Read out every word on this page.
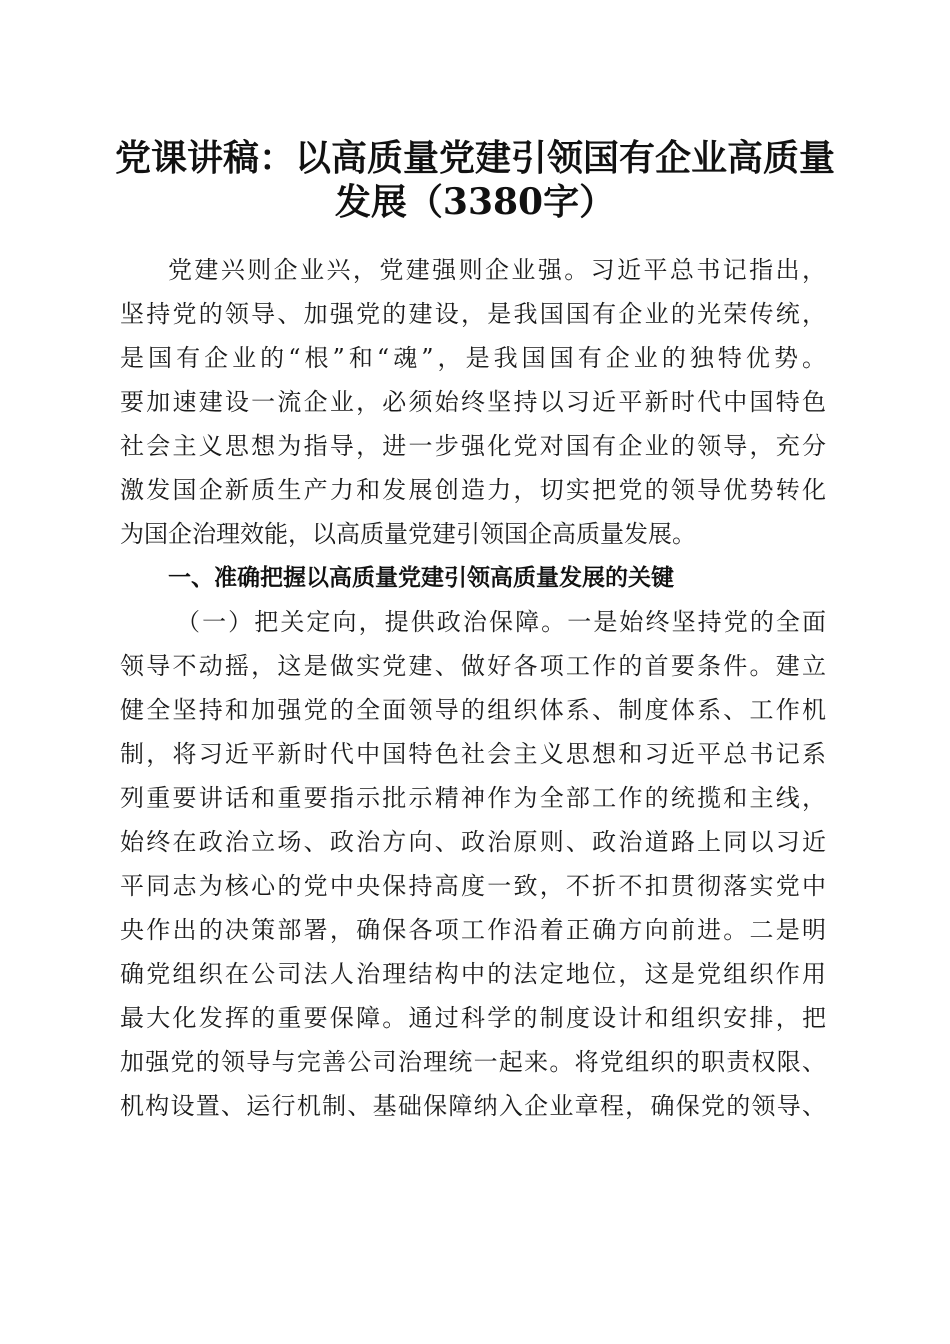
党课讲稿：以高质量党建引领国有企业高质量
发展（3380字）

党建兴则企业兴，党建强则企业强。习近平总书记指出，

坚持党的领导、加强党的建设，是我国国有企业的光荣传统，

是国有企业的“根”和“魂”，是我国国有企业的独特优势。

要加速建设一流企业，必须始终坚持以习近平新时代中国特色

社会主义思想为指导，进一步强化党对国有企业的领导，充分

激发国企新质生产力和发展创造力，切实把党的领导优势转化

为国企治理效能，以高质量党建引领国企高质量发展。

一、准确把握以高质量党建引领高质量发展的关键

（一）把关定向，提供政治保障。一是始终坚持党的全面

领导不动摇，这是做实党建、做好各项工作的首要条件。建立

健全坚持和加强党的全面领导的组织体系、制度体系、工作机

制，将习近平新时代中国特色社会主义思想和习近平总书记系

列重要讲话和重要指示批示精神作为全部工作的统揽和主线，

始终在政治立场、政治方向、政治原则、政治道路上同以习近

平同志为核心的党中央保持高度一致，不折不扣贯彻落实党中

央作出的决策部署，确保各项工作沿着正确方向前进。二是明

确党组织在公司法人治理结构中的法定地位，这是党组织作用

最大化发挥的重要保障。通过科学的制度设计和组织安排，把

加强党的领导与完善公司治理统一起来。将党组织的职责权限、

机构设置、运行机制、基础保障纳入企业章程，确保党的领导、
